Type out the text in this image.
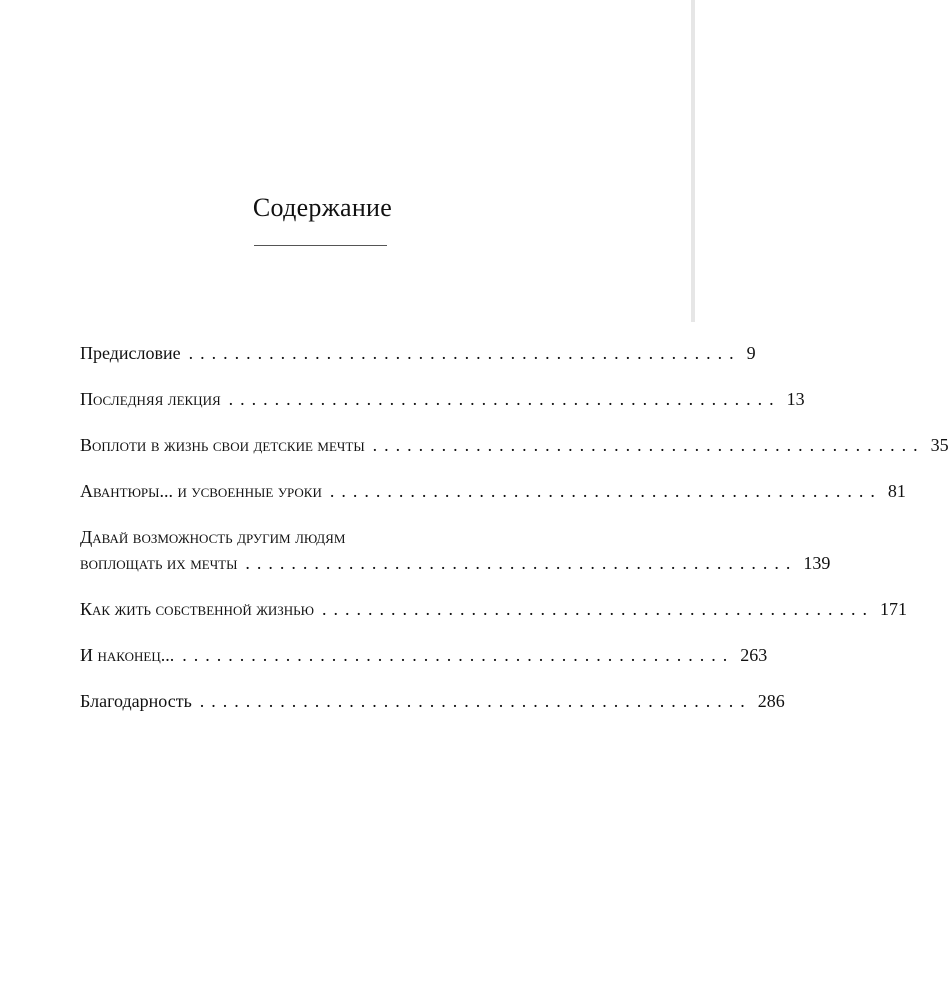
Содержание
Предисловие ................................................ 9
Последняя лекция ................................................ 13
Воплоти в жизнь свои детские мечты ................................................ 35
Авантюры... и усвоенные уроки ................................................ 81
Давай возможность другим людям
воплощать их мечты ................................................ 139
Как жить собственной жизнью ................................................ 171
И наконец... ................................................ 263
Благодарность ................................................ 286
